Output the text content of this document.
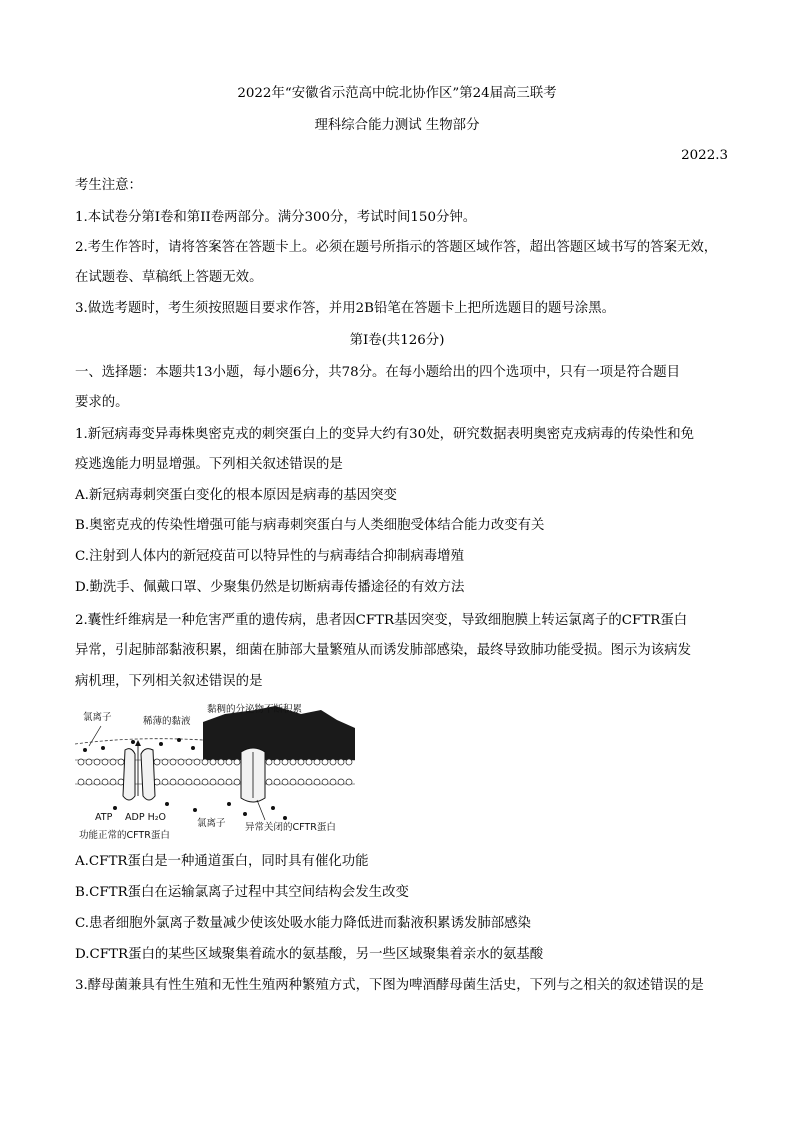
2022年“安徽省示范高中皖北协作区”第24届高三联考
理科综合能力测试 生物部分
2022.3
考生注意：
1.本试卷分第I卷和第II卷两部分。满分300分，考试时间150分钟。
2.考生作答时，请将答案答在答题卡上。必须在题号所指示的答题区域作答，超出答题区域书写的答案无效，
在试题卷、草稿纸上答题无效。
3.做选考题时，考生须按照题目要求作答，并用2B铅笔在答题卡上把所选题目的题号涂黑。
第I卷(共126分)
一、选择题：本题共13小题，每小题6分，共78分。在每小题给出的四个选项中，只有一项是符合题目
要求的。
1.新冠病毒变异毒株奥密克戎的刺突蛋白上的变异大约有30处，研究数据表明奥密克戎病毒的传染性和免
疫逃逸能力明显增强。下列相关叙述错误的是
A.新冠病毒刺突蛋白变化的根本原因是病毒的基因突变
B.奥密克戎的传染性增强可能与病毒刺突蛋白与人类细胞受体结合能力改变有关
C.注射到人体内的新冠疫苗可以特异性的与病毒结合抑制病毒增殖
D.勤洗手、佩戴口罩、少聚集仍然是切断病毒传播途径的有效方法
2.囊性纤维病是一种危害严重的遗传病，患者因CFTR基因突变，导致细胞膜上转运氯离子的CFTR蛋白
异常，引起肺部黏液积累，细菌在肺部大量繁殖从而诱发肺部感染，最终导致肺功能受损。图示为该病发
病机理，下列相关叙述错误的是
黏稠的分泌物不断积累
氯离子	稀薄的黏液
ATP ADP H₂O
功能正常的CFTR蛋白
氯离子 异常关闭的CFTR蛋白
A.CFTR蛋白是一种通道蛋白，同时具有催化功能
B.CFTR蛋白在运输氯离子过程中其空间结构会发生改变
C.患者细胞外氯离子数量减少使该处吸水能力降低进而黏液积累诱发肺部感染
D.CFTR蛋白的某些区域聚集着疏水的氨基酸，另一些区域聚集着亲水的氨基酸
3.酵母菌兼具有性生殖和无性生殖两种繁殖方式，下图为啤酒酵母菌生活史，下列与之相关的叙述错误的是
